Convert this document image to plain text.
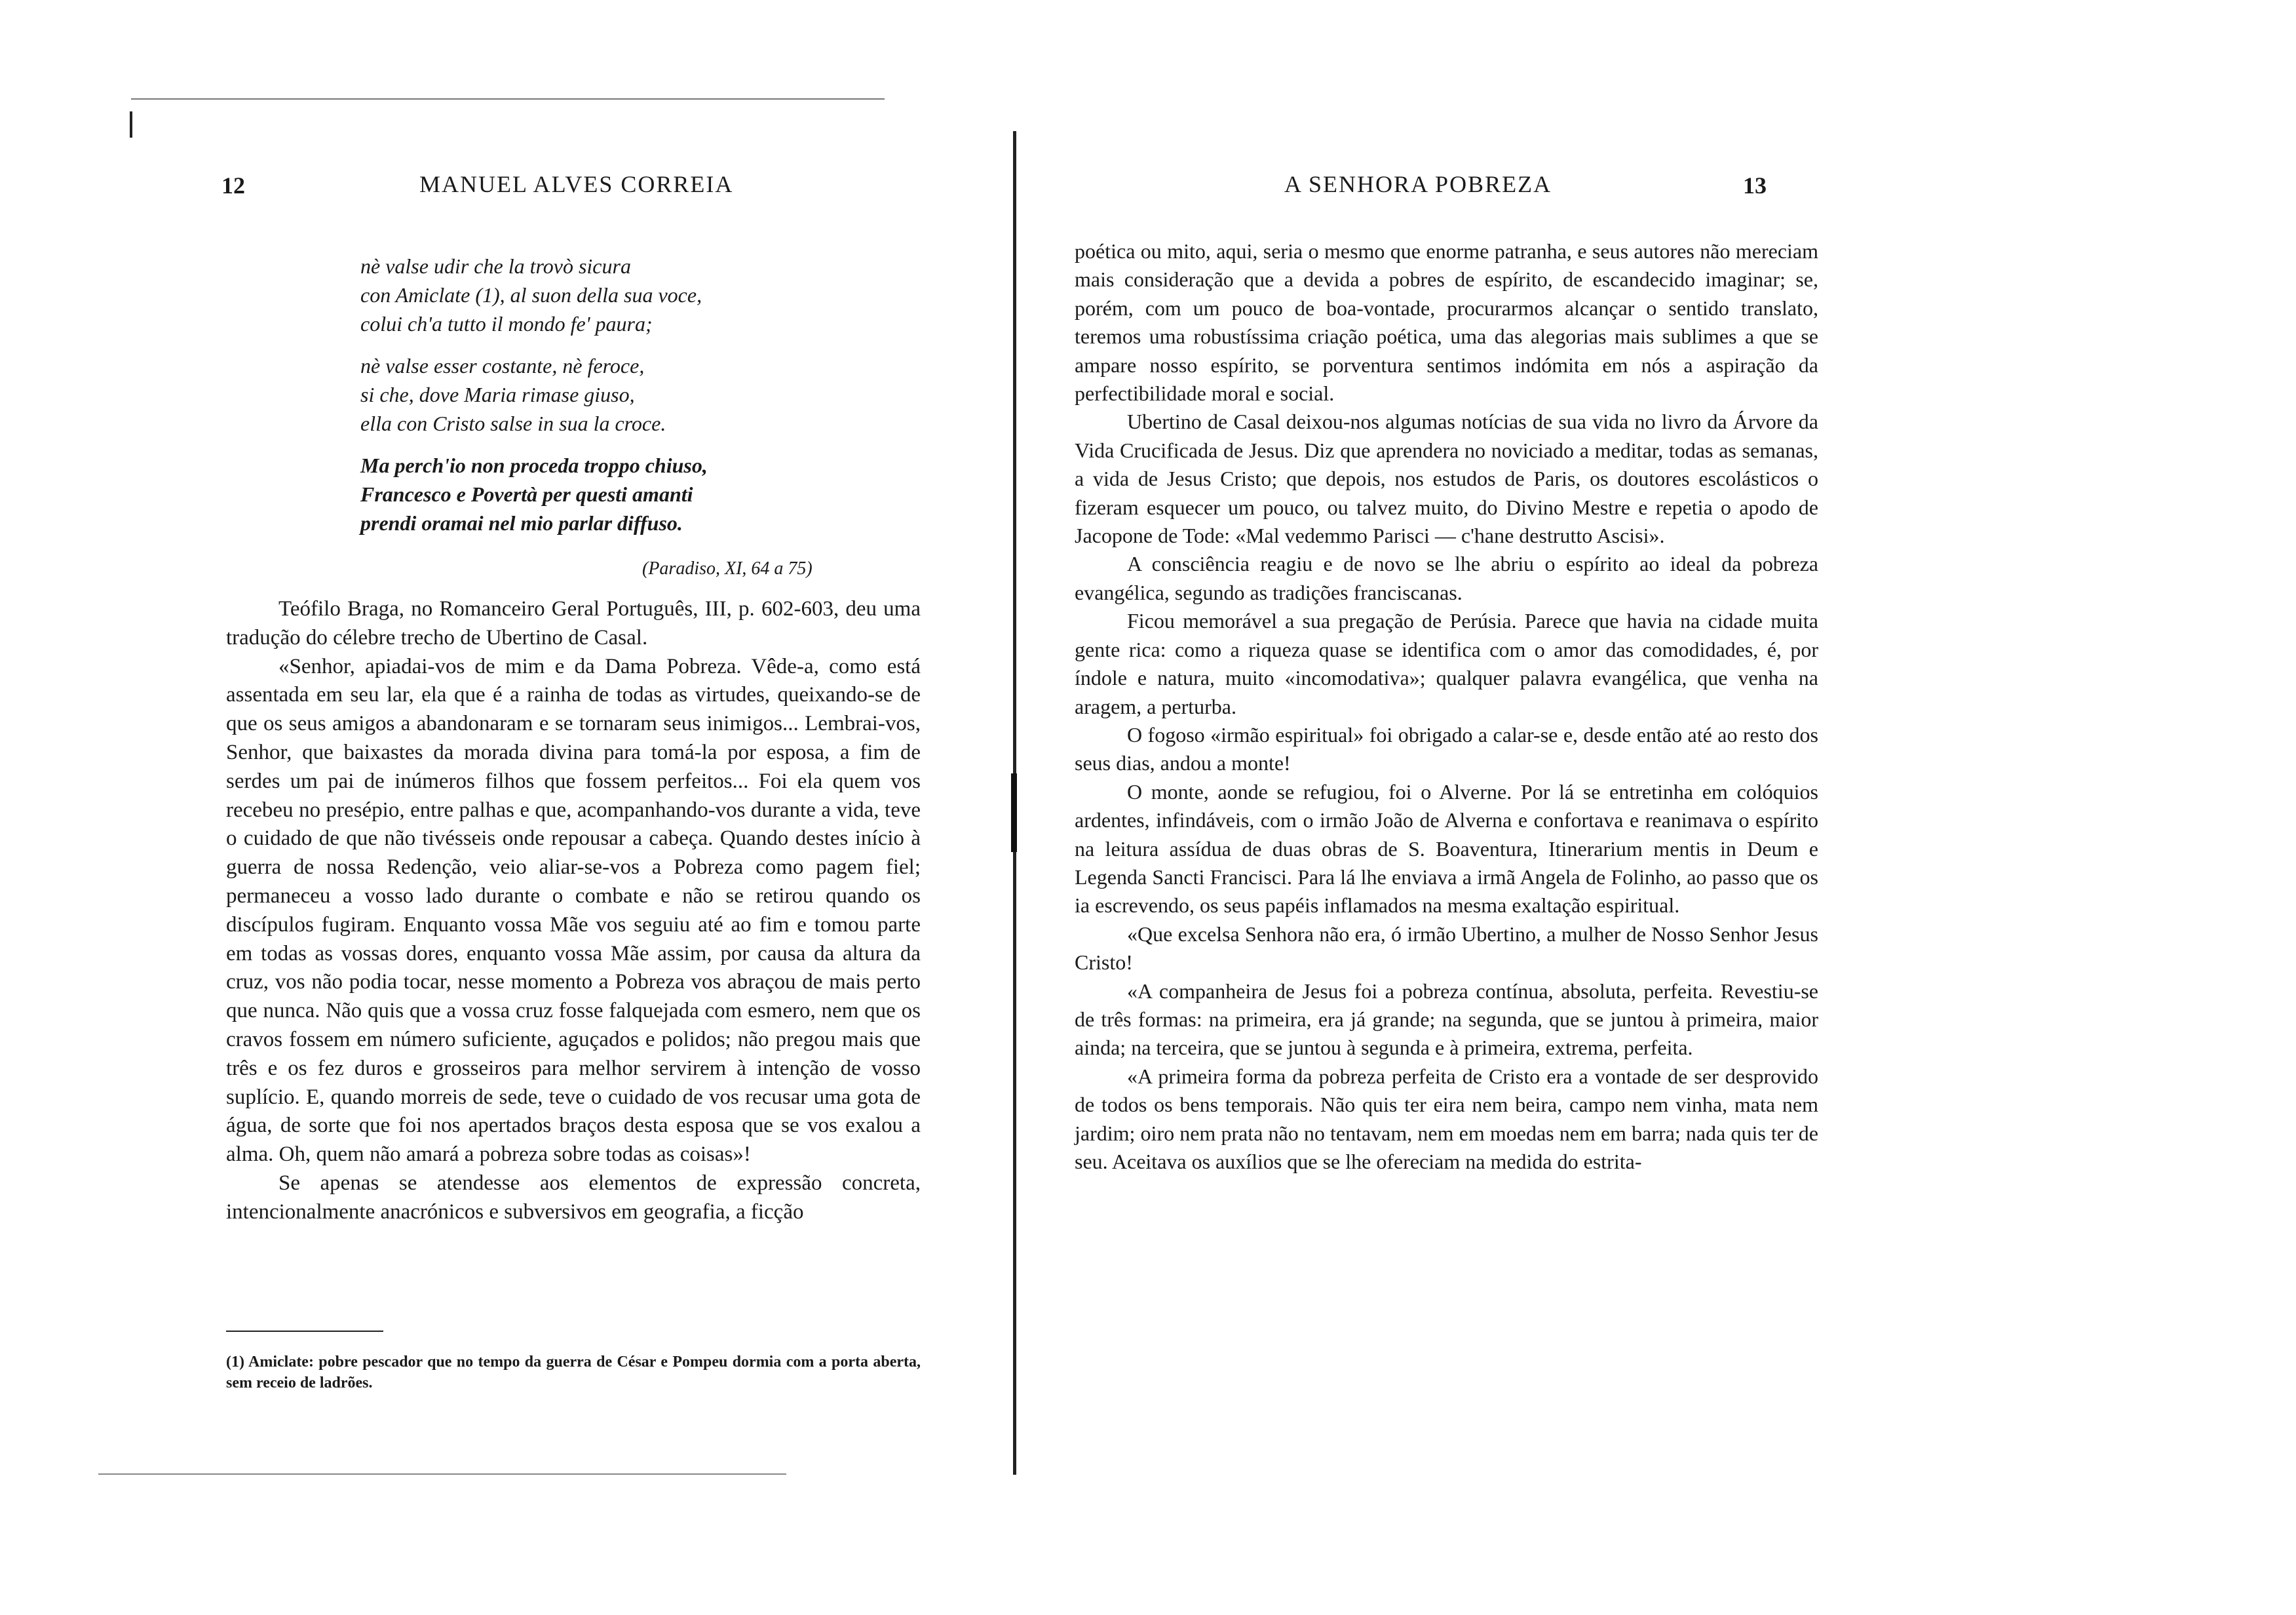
12	MANUEL ALVES CORREIA
nè valse udir che la trovò sicura
con Amiclate (1), al suon della sua voce,
colui ch'a tutto il mondo fe' paura;
nè valse esser costante, nè feroce,
si che, dove Maria rimase giuso,
ella con Cristo salse in sua la croce.
Ma perch'io non proceda troppo chiuso,
Francesco e Povertà per questi amanti
prendi oramai nel mio parlar diffuso.
(Paradiso, XI, 64 a 75)

Teófilo Braga, no Romanceiro Geral Português, III, p. 602-603, deu uma tradução do célebre trecho de Ubertino de Casal.

«Senhor, apiadai-vos de mim e da Dama Pobreza. Vêde-a, como está assentada em seu lar, ela que é a rainha de todas as virtudes, queixando-se de que os seus amigos a abandonaram e se tornaram seus inimigos... Lembrai-vos, Senhor, que baixastes da morada divina para tomá-la por esposa, a fim de serdes um pai de inúmeros filhos que fossem perfeitos... Foi ela quem vos recebeu no presépio, entre palhas e que, acompanhando-vos durante a vida, teve o cuidado de que não tivésseis onde repousar a cabeça. Quando destes início à guerra de nossa Redenção, veio aliar-se-vos a Pobreza como pagem fiel; permaneceu a vosso lado durante o combate e não se retirou quando os discípulos fugiram. Enquanto vossa Mãe vos seguiu até ao fim e tomou parte em todas as vossas dores, enquanto vossa Mãe assim, por causa da altura da cruz, vos não podia tocar, nesse momento a Pobreza vos abraçou de mais perto que nunca. Não quis que a vossa cruz fosse falquejada com esmero, nem que os cravos fossem em número suficiente, aguçados e polidos; não pregou mais que três e os fez duros e grosseiros para melhor servirem à intenção de vosso suplício. E, quando morreis de sede, teve o cuidado de vos recusar uma gota de água, de sorte que foi nos apertados braços desta esposa que se vos exalou a alma. Oh, quem não amará a pobreza sobre todas as coisas»!

Se apenas se atendesse aos elementos de expressão concreta, intencionalmente anacrónicos e subversivos em geografia, a ficção

(1) Amiclate: pobre pescador que no tempo da guerra de César e Pompeu dormia com a porta aberta, sem receio de ladrões.
A SENHORA POBREZA	13

poética ou mito, aqui, seria o mesmo que enorme patranha, e seus autores não mereciam mais consideração que a devida a pobres de espírito, de escandecido imaginar; se, porém, com um pouco de boa-vontade, procurarmos alcançar o sentido translato, teremos uma robustíssima criação poética, uma das alegorias mais sublimes a que se ampare nosso espírito, se porventura sentimos indómita em nós a aspiração da perfectibilidade moral e social.

Ubertino de Casal deixou-nos algumas notícias de sua vida no livro da Árvore da Vida Crucificada de Jesus. Diz que aprendera no noviciado a meditar, todas as semanas, a vida de Jesus Cristo; que depois, nos estudos de Paris, os doutores escolásticos o fizeram esquecer um pouco, ou talvez muito, do Divino Mestre e repetia o apodo de Jacopone de Tode: «Mal vedemmo Parisci — c'hane destrutto Ascisi».

A consciência reagiu e de novo se lhe abriu o espírito ao ideal da pobreza evangélica, segundo as tradições franciscanas.

Ficou memorável a sua pregação de Perúsia. Parece que havia na cidade muita gente rica: como a riqueza quase se identifica com o amor das comodidades, é, por índole e natura, muito «incomodativa»; qualquer palavra evangélica, que venha na aragem, a perturba.

O fogoso «irmão espiritual» foi obrigado a calar-se e, desde então até ao resto dos seus dias, andou a monte!

O monte, aonde se refugiou, foi o Alverne. Por lá se entretinha em colóquios ardentes, infindáveis, com o irmão João de Alverna e confortava e reanimava o espírito na leitura assídua de duas obras de S. Boaventura, Itinerarium mentis in Deum e Legenda Sancti Francisci. Para lá lhe enviava a irmã Angela de Folinho, ao passo que os ia escrevendo, os seus papéis inflamados na mesma exaltação espiritual.

«Que excelsa Senhora não era, ó irmão Ubertino, a mulher de Nosso Senhor Jesus Cristo!

«A companheira de Jesus foi a pobreza contínua, absoluta, perfeita. Revestiu-se de três formas: na primeira, era já grande; na segunda, que se juntou à primeira, maior ainda; na terceira, que se juntou à segunda e à primeira, extrema, perfeita.

«A primeira forma da pobreza perfeita de Cristo era a vontade de ser desprovido de todos os bens temporais. Não quis ter eira nem beira, campo nem vinha, mata nem jardim; oiro nem prata não no tentavam, nem em moedas nem em barra; nada quis ter de seu. Aceitava os auxílios que se lhe ofereciam na medida do estrita-
